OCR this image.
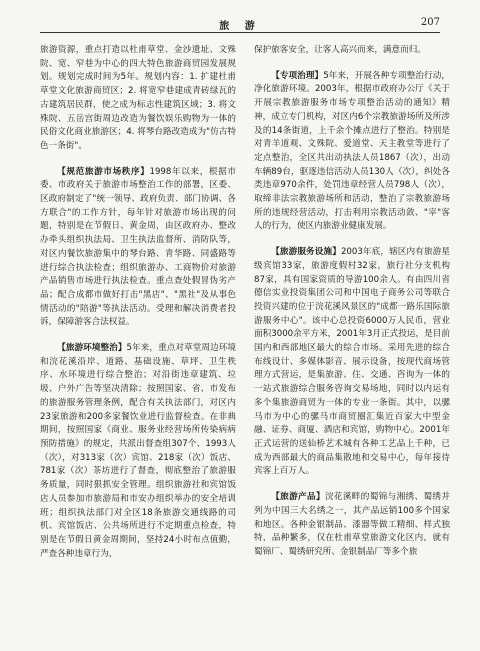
旅 游	207

旅游资源，重点打造以杜甫草堂、金沙遗址、文殊院、宽、窄巷为中心的四大特色旅游商贸园发展规划。规划完成时间为5年。规划内容：1. 扩建杜甫草堂文化旅游商贸区；2. 将宽窄巷建成青砖绿瓦的古建筑居民群，使之成为标志性建筑区域；3. 将文殊院、五岳宫街周边改造为餐饮娱乐购物为一体的民俗文化商业旅游区；4. 将琴台路改造成为"仿古特色一条街"。

【规范旅游市场秩序】1998年以来，根据市委、市政府关于旅游市场整治工作的部署，区委、区政府制定了"统一领导、政府负责、部门协调、各方联合"的工作方针，每年针对旅游市场出现的问题，特别是在节假日、黄金周，由区政府办、整改办牵头组织执法局、卫生执法监督所、消防队等，对区内餐饮旅游集中的琴台路、青华路、同盛路等进行综合执法检查；组织旅游办、工商物价对旅游产品销售市场进行执法检查。重点查处假冒伪劣产品；配合成都市做好打击"黑店"、"黑社"及从事色情活动的"陪游"等执法活动。受理和解决消费者投诉，保障游客合法权益。

【旅游环境整治】5年来，重点对草堂周边环境和浣花溪沿岸、道路、基础设施、草坪、卫生秩序、水环境进行综合整治；对沿街违章建筑、垃圾、户外广告等坚决清除；按照国家、省、市发布的旅游服务管理条例，配合有关执法部门，对区内23家旅游和200多家餐饮业进行监督检查。在非典期间，按照国家《商业、服务业经营场所传染病病预防措施》的规定，共派出督查组307个、1993人（次），对313家（次）宾馆、218家（次）饭店、781家（次）茶坊进行了督查，彻底整治了旅游服务质量，同时狠抓安全管理。组织旅游社和宾馆饭店人员参加市旅游局和市安办组织举办的安全培训班；组织执法部门对全区18条旅游交通线路的司机、宾馆饭店、公共场所进行不定期重点检查，特别是在节假日黄金周期间，坚持24小时布点值勤，严查各种违章行为，

保护旅客安全，让客人高兴而来，满意而归。

【专项治理】5年来，开展各种专项整治行动，净化旅游环境。2003年，根据市政府办公厅《关于开展宗教旅游服务市场专项整治活动的通知》精神，成立专门机构，对区内6个宗教旅游场所及所涉及的14条街道，上千余个摊点进行了整治。特别是对青羊道观、文殊院、爱道堂、天主教堂等进行了定点整治，全区共出动执法人员1867（次），出动车辆89台，驱逐违信活动人员130人（次），纠处各类违章970余件，处罚违章经营人员798人（次），取缔非法宗教旅游场所和活动，整治了宗教旅游场所的违规经营活动，打击利用宗教活动敛、"宰"客人的行为，使区内旅游业健康发展。

【旅游服务设施】2003年底，辖区内有旅游星级宾馆33家，旅游度假村32家，旅行社分支机构87家，具有国家资质的导游100余人。有由四川省德信实业投资集团公司和中国电子商务公司等联合投资兴建的位于浣花溪风景区的"成都一路乐国际旅游服务中心"。该中心总投资6000万人民币，营业面积3000余平方米，2001年3月正式投运，是目前国内和西部地区最大的综合市场。采用先进的综合布线设计、多媒体影音、展示设备，按现代商场管理方式营运，是集旅游、住、交通、咨询为一体的一站式旅游综合服务咨询交易场地，同时以内运有多个集旅游商贸为一体的专业一条街。其中，以骡马市为中心的骡马市商贸圈汇集近百家大中型金融、证券、商厦、酒店和宾馆，购物中心。2001年正式运营的送仙桥艺术城有各种工艺品上千种，已成为西部最大的商品集散地和交易中心，每年接待宾客上百万人。

【旅游产品】浣花溪畔的蜀锦与湘绣、蜀绣并列为中国三大名绣之一，其产品远销100多个国家和地区。各种金银制品、漆器等做工精细、样式独特，品种繁多，仅在杜甫草堂旅游文化区内，就有蜀锦厂、蜀绣研究所、金银制品厂等多个旅
